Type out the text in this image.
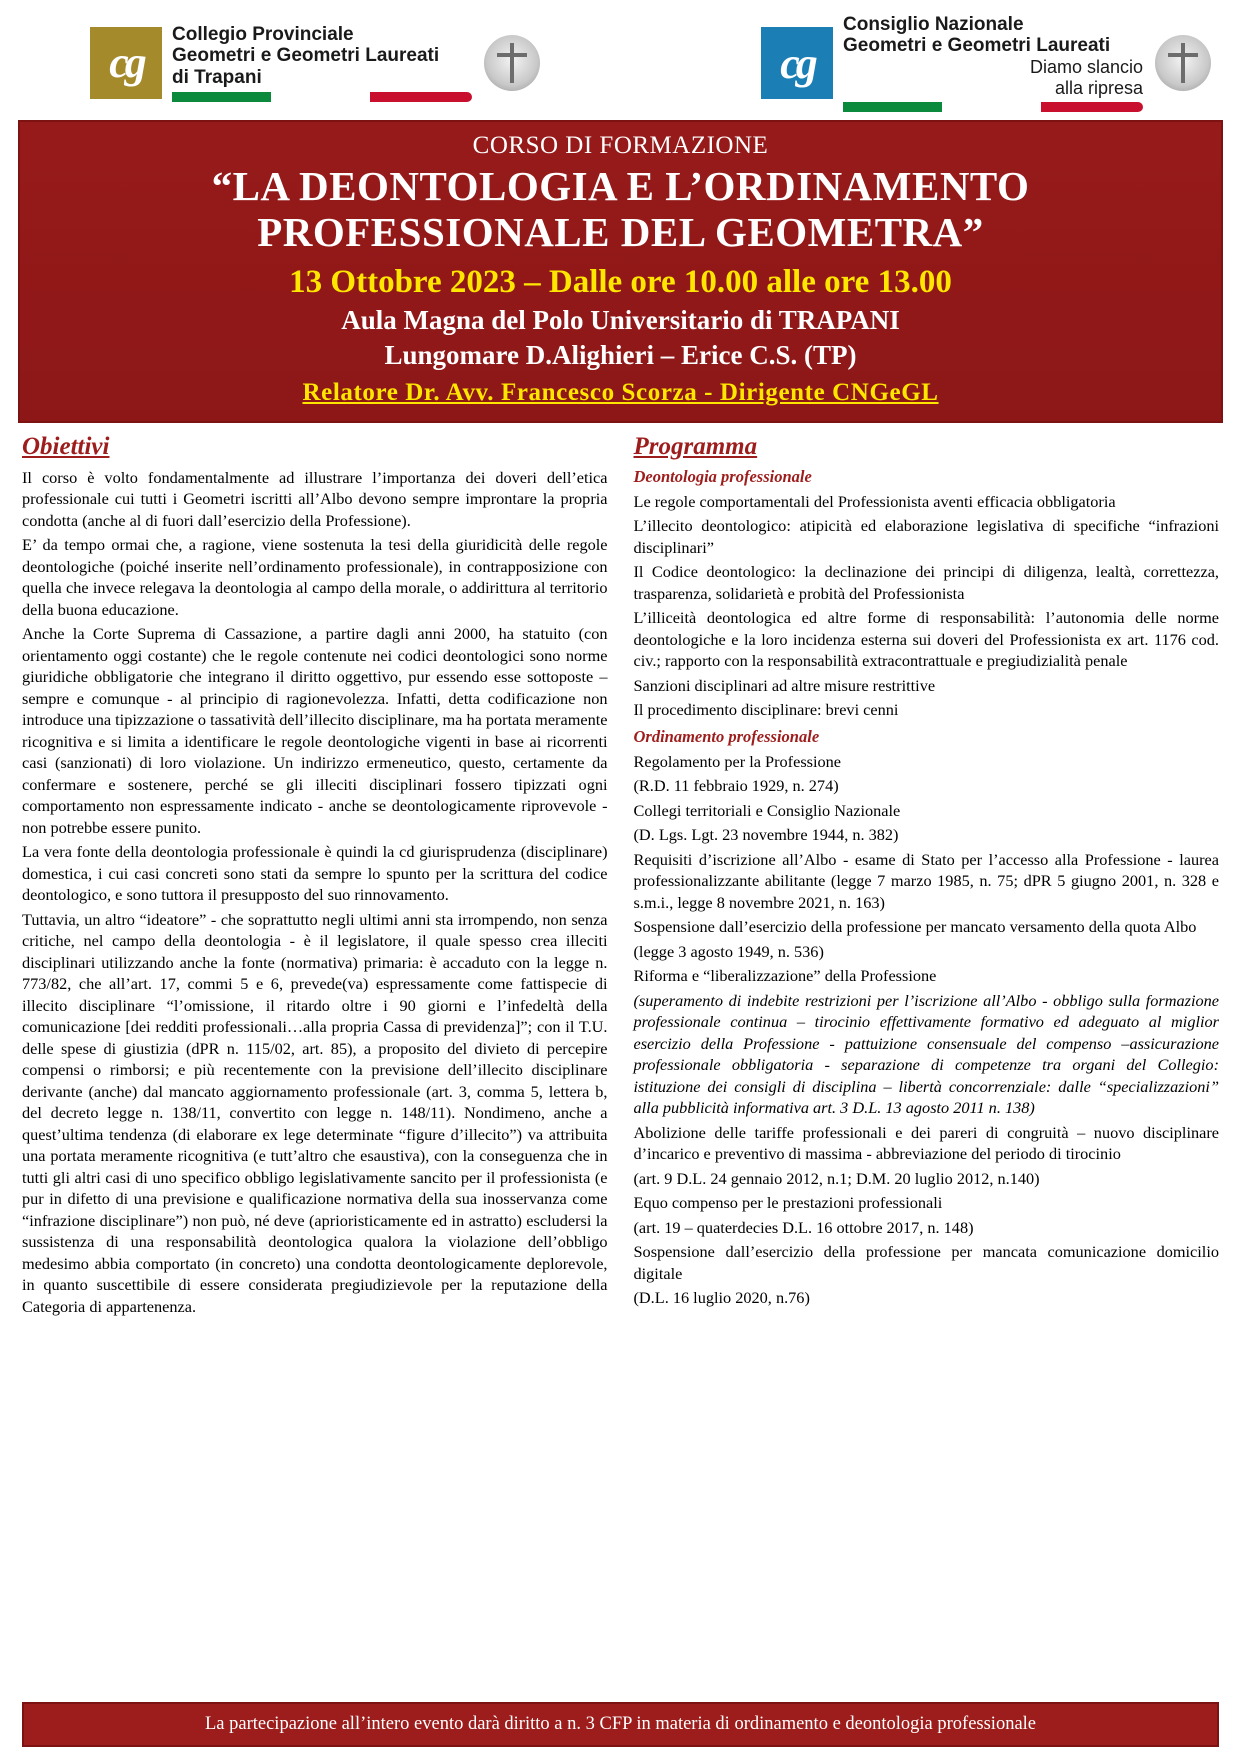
cg
Collegio Provinciale
Geometri e Geometri Laureati
di Trapani	cg
Consiglio Nazionale
Geometri e Geometri Laureati
Diamo slancio
alla ripresa
CORSO DI FORMAZIONE
“LA DEONTOLOGIA E L’ORDINAMENTO
PROFESSIONALE DEL GEOMETRA”
13 Ottobre 2023 – Dalle ore 10.00 alle ore 13.00
Aula Magna del Polo Universitario di TRAPANI
Lungomare D.Alighieri – Erice C.S. (TP)
Relatore Dr. Avv. Francesco Scorza - Dirigente CNGeGL
Obiettivi

Il corso è volto fondamentalmente ad illustrare l’importanza dei doveri dell’etica professionale cui tutti i Geometri iscritti all’Albo devono sempre improntare la propria condotta (anche al di fuori dall’esercizio della Professione).

E’ da tempo ormai che, a ragione, viene sostenuta la tesi della giuridicità delle regole deontologiche (poiché inserite nell’ordinamento professionale), in contrapposizione con quella che invece relegava la deontologia al campo della morale, o addirittura al territorio della buona educazione.

Anche la Corte Suprema di Cassazione, a partire dagli anni 2000, ha statuito (con orientamento oggi costante) che le regole contenute nei codici deontologici sono norme giuridiche obbligatorie che integrano il diritto oggettivo, pur essendo esse sottoposte – sempre e comunque - al principio di ragionevolezza. Infatti, detta codificazione non introduce una tipizzazione o tassatività dell’illecito disciplinare, ma ha portata meramente ricognitiva e si limita a identificare le regole deontologiche vigenti in base ai ricorrenti casi (sanzionati) di loro violazione. Un indirizzo ermeneutico, questo, certamente da confermare e sostenere, perché se gli illeciti disciplinari fossero tipizzati ogni comportamento non espressamente indicato - anche se deontologicamente riprovevole - non potrebbe essere punito.

La vera fonte della deontologia professionale è quindi la cd giurisprudenza (disciplinare) domestica, i cui casi concreti sono stati da sempre lo spunto per la scrittura del codice deontologico, e sono tuttora il presupposto del suo rinnovamento.

Tuttavia, un altro “ideatore” - che soprattutto negli ultimi anni sta irrompendo, non senza critiche, nel campo della deontologia - è il legislatore, il quale spesso crea illeciti disciplinari utilizzando anche la fonte (normativa) primaria: è accaduto con la legge n. 773/82, che all’art. 17, commi 5 e 6, prevede(va) espressamente come fattispecie di illecito disciplinare “l’omissione, il ritardo oltre i 90 giorni e l’infedeltà della comunicazione [dei redditi professionali…alla propria Cassa di previdenza]”; con il T.U. delle spese di giustizia (dPR n. 115/02, art. 85), a proposito del divieto di percepire compensi o rimborsi; e più recentemente con la previsione dell’illecito disciplinare derivante (anche) dal mancato aggiornamento professionale (art. 3, comma 5, lettera b, del decreto legge n. 138/11, convertito con legge n. 148/11). Nondimeno, anche a quest’ultima tendenza (di elaborare ex lege determinate “figure d’illecito”) va attribuita una portata meramente ricognitiva (e tutt’altro che esaustiva), con la conseguenza che in tutti gli altri casi di uno specifico obbligo legislativamente sancito per il professionista (e pur in difetto di una previsione e qualificazione normativa della sua inosservanza come “infrazione disciplinare”) non può, né deve (aprioristicamente ed in astratto) escludersi la sussistenza di una responsabilità deontologica qualora la violazione dell’obbligo medesimo abbia comportato (in concreto) una condotta deontologicamente deplorevole, in quanto suscettibile di essere considerata pregiudizievole per la reputazione della Categoria di appartenenza.

Programma
Deontologia professionale

Le regole comportamentali del Professionista aventi efficacia obbligatoria

L’illecito deontologico: atipicità ed elaborazione legislativa di specifiche “infrazioni disciplinari”

Il Codice deontologico: la declinazione dei principi di diligenza, lealtà, correttezza, trasparenza, solidarietà e probità del Professionista

L’illiceità deontologica ed altre forme di responsabilità: l’autonomia delle norme deontologiche e la loro incidenza esterna sui doveri del Professionista ex art. 1176 cod. civ.; rapporto con la responsabilità extracontrattuale e pregiudizialità penale

Sanzioni disciplinari ad altre misure restrittive

Il procedimento disciplinare: brevi cenni

Ordinamento professionale

Regolamento per la Professione

(R.D. 11 febbraio 1929, n. 274)

Collegi territoriali e Consiglio Nazionale

(D. Lgs. Lgt. 23 novembre 1944, n. 382)

Requisiti d’iscrizione all’Albo - esame di Stato per l’accesso alla Professione - laurea professionalizzante abilitante (legge 7 marzo 1985, n. 75; dPR 5 giugno 2001, n. 328 e s.m.i., legge 8 novembre 2021, n. 163)

Sospensione dall’esercizio della professione per mancato versamento della quota Albo

(legge 3 agosto 1949, n. 536)

Riforma e “liberalizzazione” della Professione

(superamento di indebite restrizioni per l’iscrizione all’Albo - obbligo sulla formazione professionale continua – tirocinio effettivamente formativo ed adeguato al miglior esercizio della Professione - pattuizione consensuale del compenso –assicurazione professionale obbligatoria - separazione di competenze tra organi del Collegio: istituzione dei consigli di disciplina – libertà concorrenziale: dalle “specializzazioni” alla pubblicità informativa art. 3 D.L. 13 agosto 2011 n. 138)

Abolizione delle tariffe professionali e dei pareri di congruità – nuovo disciplinare d’incarico e preventivo di massima - abbreviazione del periodo di tirocinio

(art. 9 D.L. 24 gennaio 2012, n.1; D.M. 20 luglio 2012, n.140)

Equo compenso per le prestazioni professionali

(art. 19 – quaterdecies D.L. 16 ottobre 2017, n. 148)

Sospensione dall’esercizio della professione per mancata comunicazione domicilio digitale

(D.L. 16 luglio 2020, n.76)

La partecipazione all’intero evento darà diritto a n. 3 CFP in materia di ordinamento e deontologia professionale
